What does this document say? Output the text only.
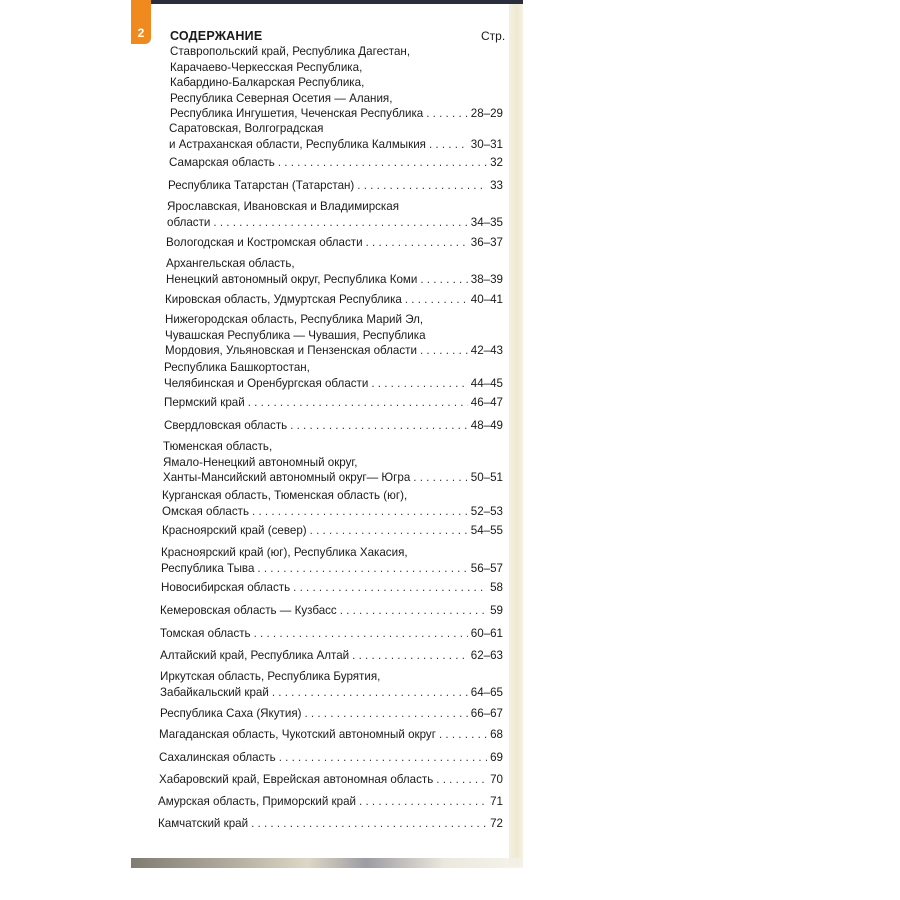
2 СОДЕРЖАНИЕ	Стр.
Ставропольский край, Республика Дагестан,
Карачаево-Черкесская Республика,
Кабардино-Балкарская Республика,
Республика Северная Осетия — Алания,
Республика Ингушетия, Чеченская Республика . . .	28–29
Саратовская, Волгоградская
и Астраханская области, Республика Калмыкия . . .	30–31
Самарская область . . .	32
Республика Татарстан (Татарстан) . . .	33
Ярославская, Ивановская и Владимирская
области . . .	34–35
Вологодская и Костромская области . . .	36–37
Архангельская область,
Ненецкий автономный округ, Республика Коми . . .	38–39
Кировская область, Удмуртская Республика . . .	40–41
Нижегородская область, Республика Марий Эл,
Чувашская Республика — Чувашия, Республика
Мордовия, Ульяновская и Пензенская области . . .	42–43
Республика Башкортостан,
Челябинская и Оренбургская области . . .	44–45
Пермский край . . .	46–47
Свердловская область . . .	48–49
Тюменская область,
Ямало-Ненецкий автономный округ,
Ханты-Мансийский автономный округ— Югра . . .	50–51
Курганская область, Тюменская область (юг),
Омская область . . .	52–53
Красноярский край (север) . . .	54–55
Красноярский край (юг), Республика Хакасия,
Республика Тыва . . .	56–57
Новосибирская область . . .	58
Кемеровская область — Кузбасс . . .	59
Томская область . . .	60–61
Алтайский край, Республика Алтай . . .	62–63
Иркутская область, Республика Бурятия,
Забайкальский край . . .	64–65
Республика Саха (Якутия) . . .	66–67
Магаданская область, Чукотский автономный округ . . .	68
Сахалинская область . . .	69
Хабаровский край, Еврейская автономная область . . .	70
Амурская область, Приморский край . . .	71
Камчатский край . . .	72
